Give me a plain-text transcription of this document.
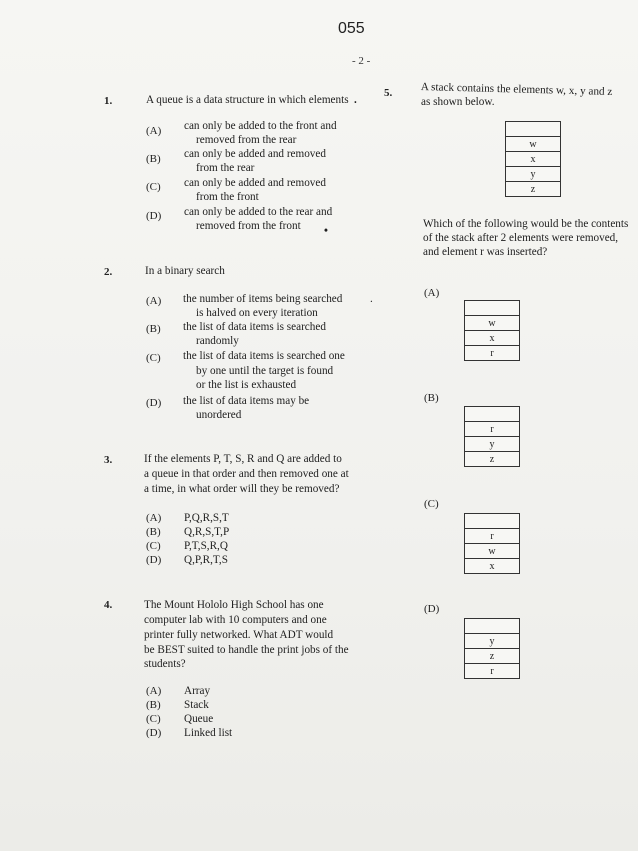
055
- 2 -
1.	A queue is a data structure in which elements .
(A) can only be added to the front and
removed from the rear
(B) can only be added and removed
from the rear
(C) can only be added and removed
from the front
(D) can only be added to the rear and
removed from the front •
2.	In a binary search
(A) the number of items being searched
is halved on every iteration
.
(B) the list of data items is searched
randomly
(C) the list of data items is searched one
by one until the target is found
or the list is exhausted
(D) the list of data items may be
unordered
3.	If the elements P, T, S, R and Q are added to
a queue in that order and then removed one at
a time, in what order will they be removed?
(A) P,Q,R,S,T
(B) Q,R,S,T,P
(C) P,T,S,R,Q
(D) Q,P,R,T,S
4.	The Mount Hololo High School has one
computer lab with 10 computers and one
printer fully networked. What ADT would
be BEST suited to handle the print jobs of the
students?
(A) Array
(B) Stack
(C) Queue
(D) Linked list
5.	A stack contains the elements w, x, y and z
as shown below.

w
x
y
z
Which of the following would be the contents
of the stack after 2 elements were removed,
and element r was inserted?
(A)

w
x
r
(B)

r
y
z
(C)

r
w
x
(D)

y
z
r
